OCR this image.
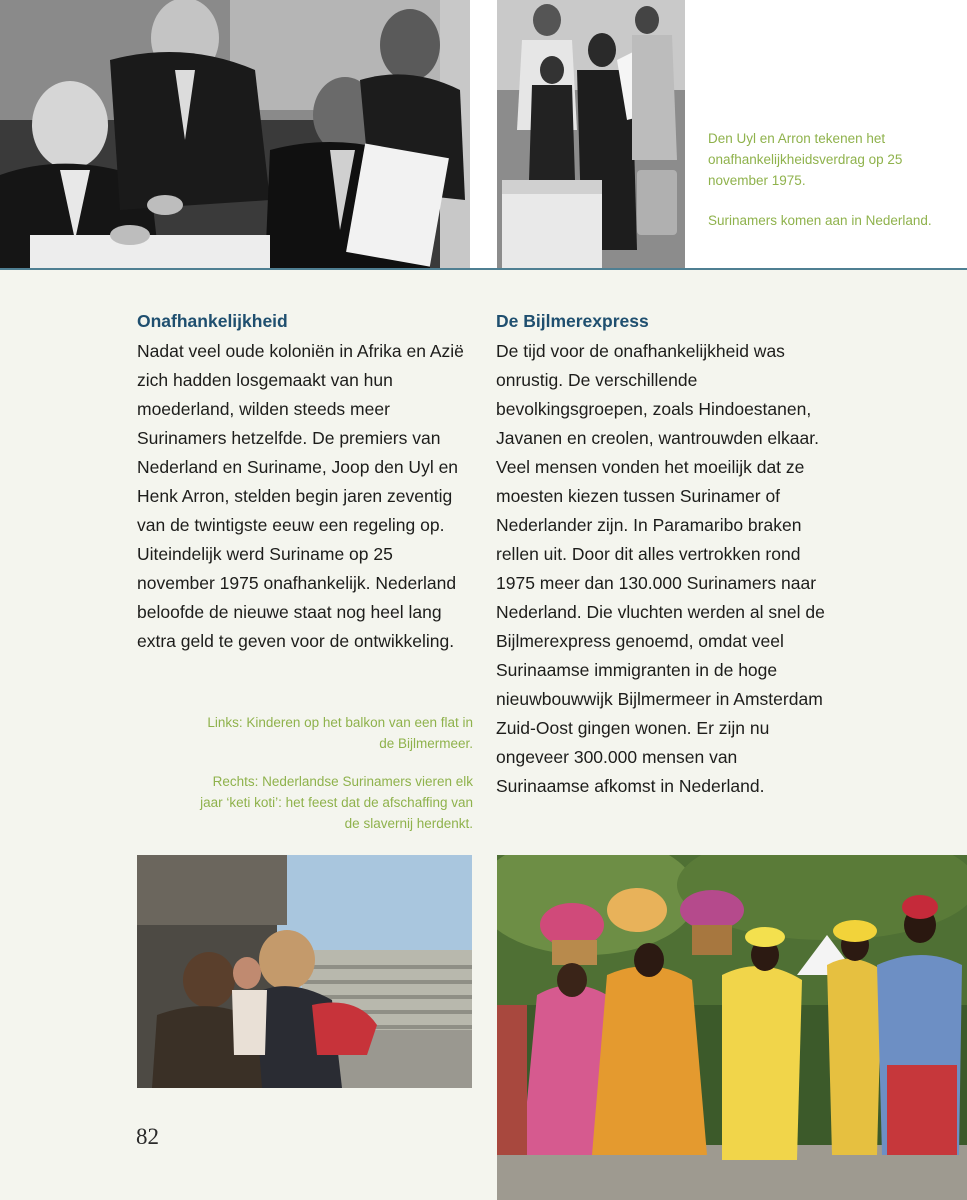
Den Uyl en Arron tekenen het onafhankelijkheidsverdrag op 25 november 1975.

Surinamers komen aan in Nederland.

Onafhankelijkheid

Nadat veel oude koloniën in Afrika en Azië zich hadden losgemaakt van hun moederland, wilden steeds meer Surinamers hetzelfde. De premiers van Nederland en Suriname, Joop den Uyl en Henk Arron, stelden begin jaren zeventig van de twintigste eeuw een regeling op. Uiteindelijk werd Suriname op 25 november 1975 onafhankelijk. Nederland beloofde de nieuwe staat nog heel lang extra geld te geven voor de ontwikkeling.

Links: Kinderen op het balkon van een flat in de Bijlmermeer.

Rechts: Nederlandse Surinamers vieren elk jaar ‘keti koti’: het feest dat de afschaffing van de slavernij herdenkt.

De Bijlmerexpress

De tijd voor de onafhankelijkheid was onrustig. De verschillende bevolkingsgroepen, zoals Hindoestanen, Javanen en creolen, wantrouwden elkaar. Veel mensen vonden het moeilijk dat ze moesten kiezen tussen Surinamer of Nederlander zijn. In Paramaribo braken rellen uit. Door dit alles vertrokken rond 1975 meer dan 130.000 Surinamers naar Nederland. Die vluchten werden al snel de Bijlmerexpress genoemd, omdat veel Surinaamse immigranten in de hoge nieuwbouwwijk Bijlmermeer in Amsterdam Zuid-Oost gingen wonen. Er zijn nu ongeveer 300.000 mensen van Surinaamse afkomst in Nederland.

82
